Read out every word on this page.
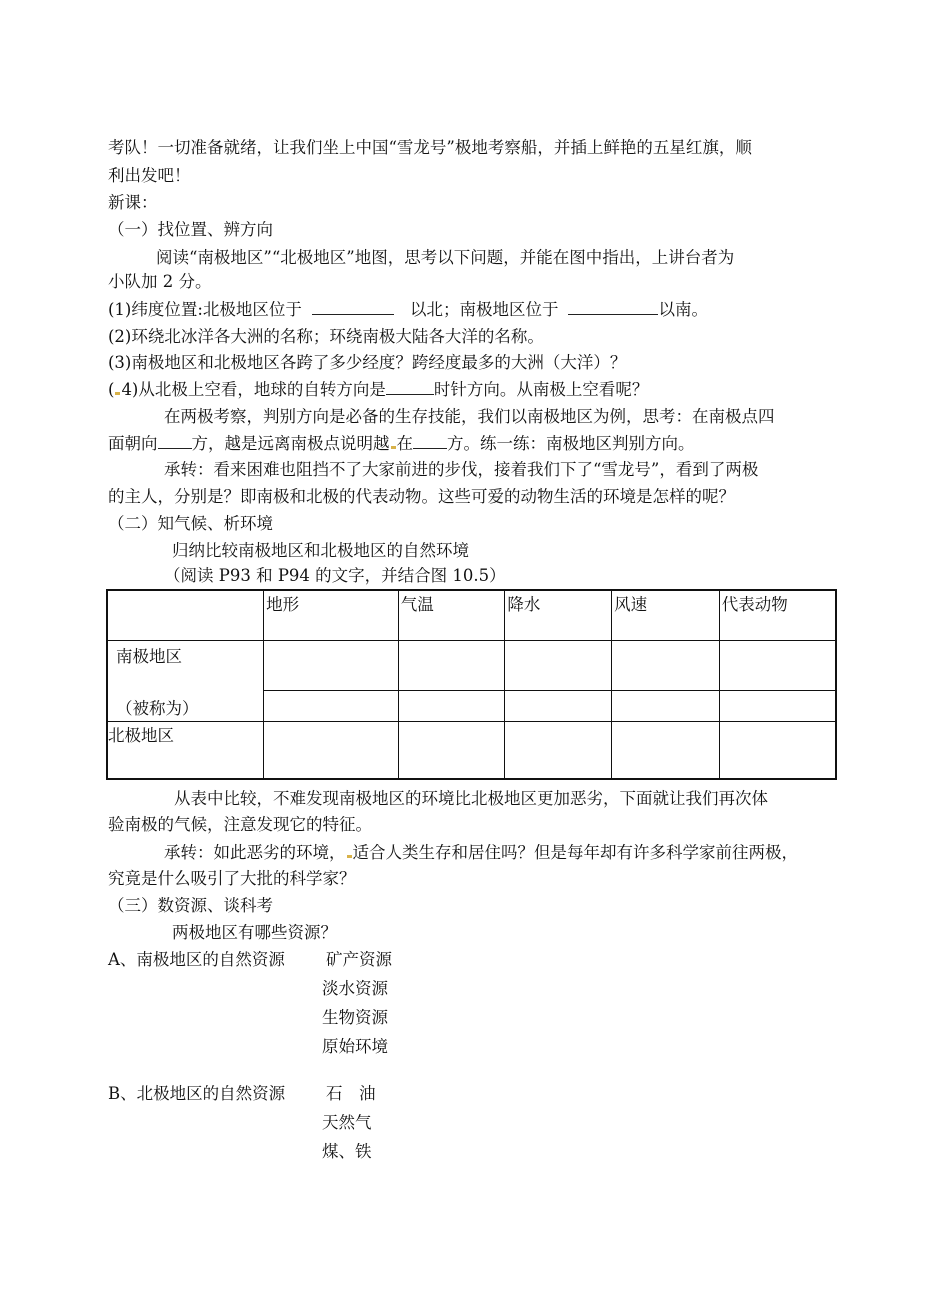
考队！一切准备就绪，让我们坐上中国“雪龙号”极地考察船，并插上鲜艳的五星红旗，顺
利出发吧！
新课：
（一）找位置、辨方向
阅读“南极地区”“北极地区”地图，思考以下问题，并能在图中指出，上讲台者为
小队加 2 分。
(1)纬度位置:北极地区位于	以北；南极地区位于	以南。
(2)环绕北冰洋各大洲的名称；环绕南极大陆各大洋的名称。
(3)南极地区和北极地区各跨了多少经度？跨经度最多的大洲（大洋）？
( 4)从北极上空看，地球的自转方向是	时针方向。从南极上空看呢？
在两极考察，判别方向是必备的生存技能，我们以南极地区为例，思考：在南极点四
面朝向 方，越是远离南极点说明越 在 方。练一练：南极地区判别方向。
承转：看来困难也阻挡不了大家前进的步伐，接着我们下了“雪龙号”，看到了两极
的主人，分别是？即南极和北极的代表动物。这些可爱的动物生活的环境是怎样的呢？
（二）知气候、析环境
归纳比较南极地区和北极地区的自然环境
（阅读 P93 和 P94 的文字，并结合图 10.5）
	地形	气温	降水	风速	代表动物

南极地区
（被称为）					

北极地区					
从表中比较，不难发现南极地区的环境比北极地区更加恶劣，下面就让我们再次体
验南极的气候，注意发现它的特征。
承转：如此恶劣的环境， 适合人类生存和居住吗？但是每年却有许多科学家前往两极，
究竟是什么吸引了大批的科学家？
（三）数资源、谈科考
两极地区有哪些资源？
A、南极地区的自然资源 矿产资源
淡水资源
生物资源
原始环境
B、北极地区的自然资源 石　油
天然气
煤、铁
